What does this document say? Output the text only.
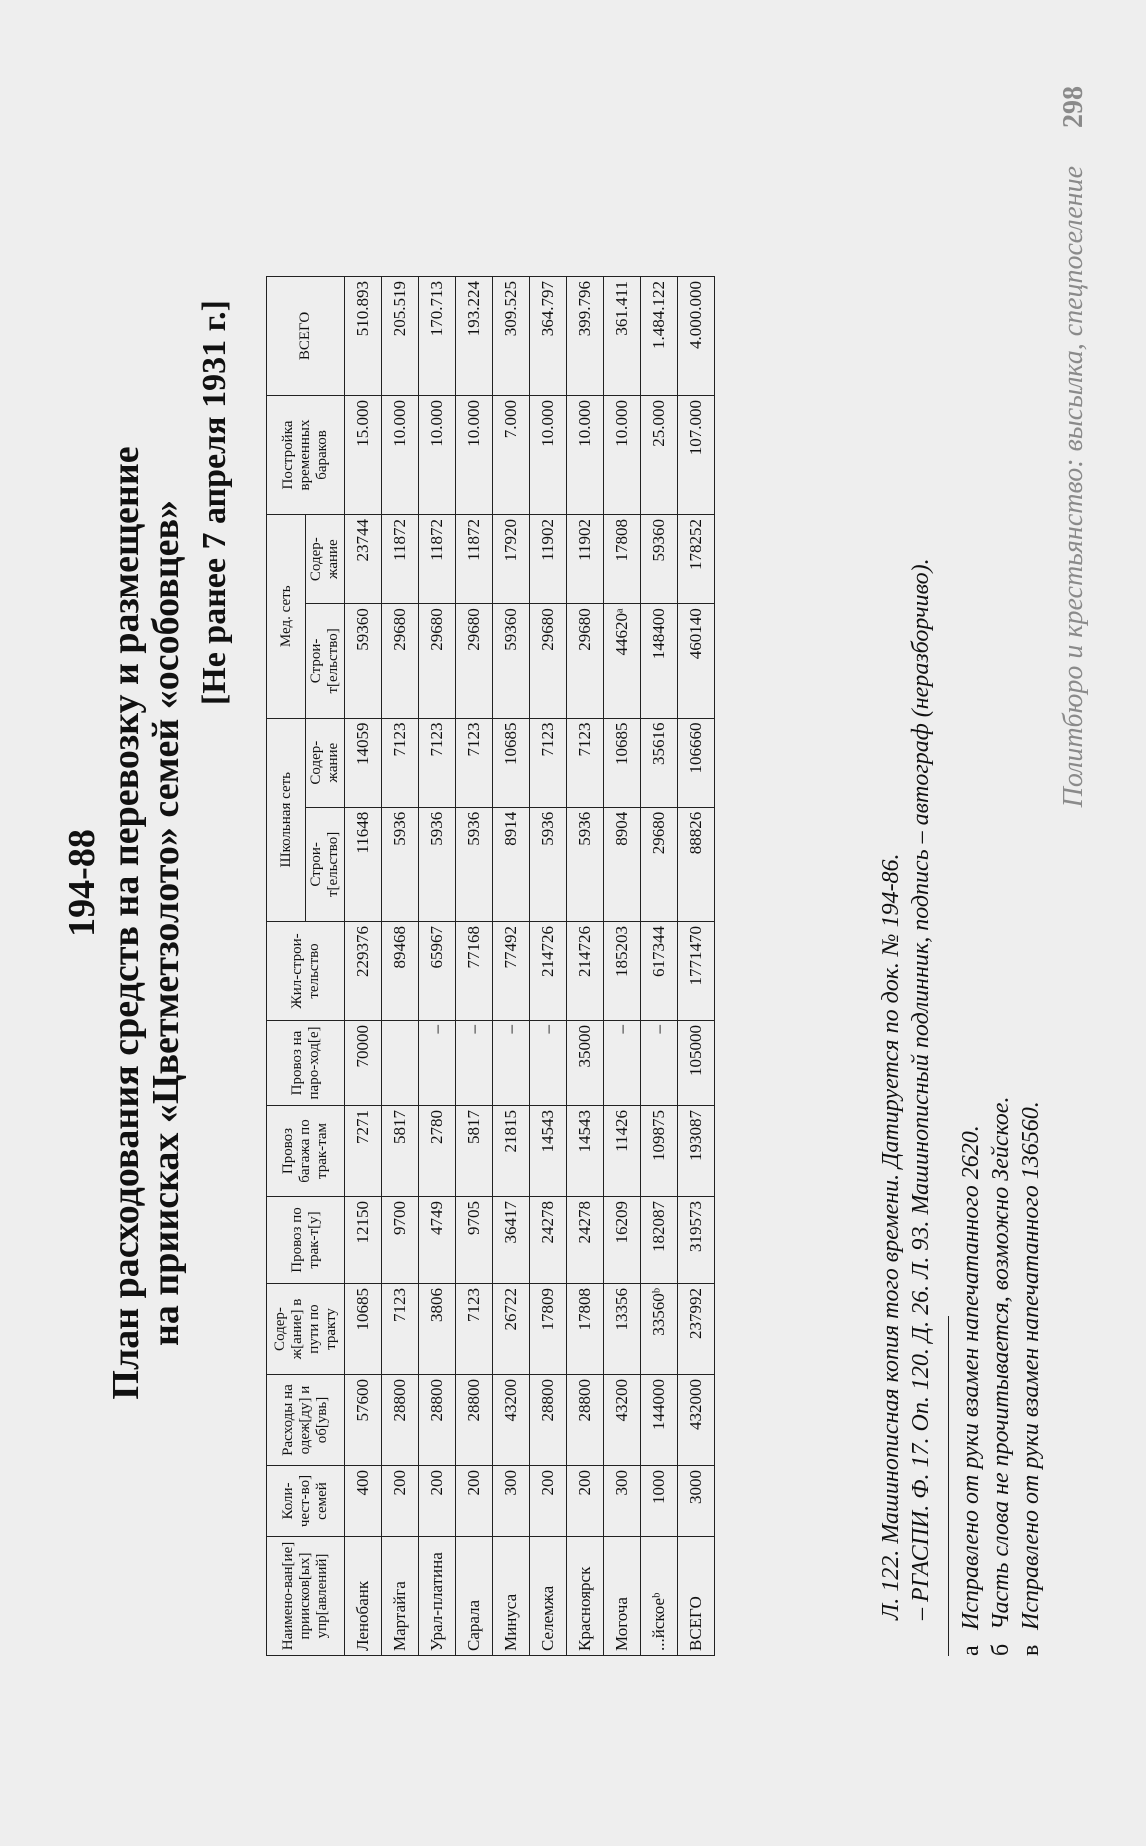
Политбюро и крестьянство: высылка, спецпоселение
298
194-88 План расходования средств на перевозку и размещение
на приисках «Цветметзолото» семей «особовцев» [Не ранее 7 апреля 1931 г.]
Наимено-ван[ие] приисков[ых] упр[авлений]	Коли-чест-во] семей	Расходы на одеж[ду] и об[увь]	Содер-ж[ание] в пути по тракту	Провоз по трак-т[у]	Провоз багажа по трак-там	Провоз на паро-ход[е]	Жил-строи-тельство	Школьная сеть		Мед. сеть		Постройка временных бараков	ВСЕГО
								Строи-т[ельство]	Содер-жание	Строи-т[ельство]	Содер-жание		
Ленобанк	400	57600	10685	12150	7271	70000	229376	11648	14059	59360	23744	15.000	510.893
Мартайга	200	28800	7123	9700	5817		89468	5936	7123	29680	11872	10.000	205.519
Урал-платина	200	28800	3806	4749	2780	–	65967	5936	7123	29680	11872	10.000	170.713
Сарала	200	28800	7123	9705	5817	–	77168	5936	7123	29680	11872	10.000	193.224
Минуса	300	43200	26722	36417	21815	–	77492	8914	10685	59360	17920	7.000	309.525
Селемжа	200	28800	17809	24278	14543	–	214726	5936	7123	29680	11902	10.000	364.797
Красноярск	200	28800	17808	24278	14543	35000	214726	5936	7123	29680	11902	10.000	399.796
Могоча	300	43200	13356	16209	11426	–	185203	8904	10685	44620ᵃ	17808	10.000	361.411
...йскоеᵇ	1000	144000	33560ᵇ	182087	109875	–	617344	29680	35616	148400	59360	25.000	1.484.122
ВСЕГО	3000	432000	237992	319573	193087	105000	1771470	88826	106660	460140	178252	107.000	4.000.000
Л. 122. Машинописная копия того времени. Датируется по док. № 194-86. – РГАСПИ. Ф. 17. Оп. 120. Д. 26. Л. 93. Машинописный подлинник, подпись – автограф (неразборчиво).
аИсправлено от руки взамен напечатанного 2620.
бЧасть слова не прочитывается, возможно Зейское.
вИсправлено от руки взамен напечатанного 136560.
